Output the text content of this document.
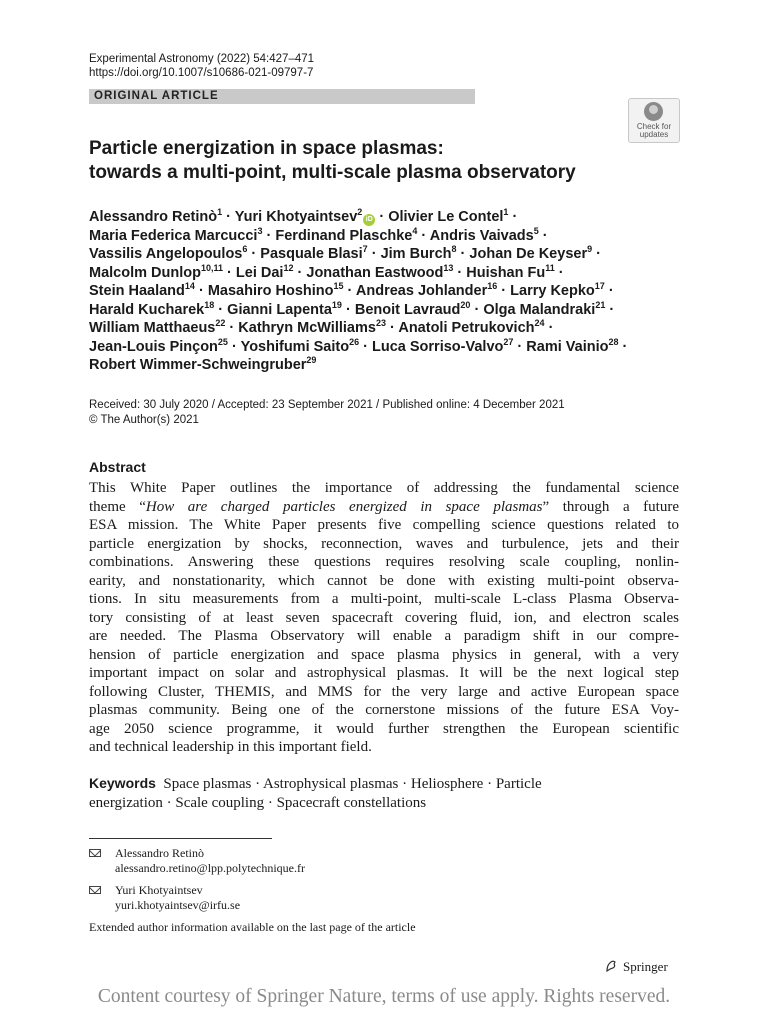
Experimental Astronomy (2022) 54:427–471
https://doi.org/10.1007/s10686-021-09797-7
ORIGINAL ARTICLE
Check for
updates
Particle energization in space plasmas:
towards a multi-point, multi-scale plasma observatory
Alessandro Retinò$^1$ · Yuri Khotyaintsev$^2$iD · Olivier Le Contel$^1$ ·
Maria Federica Marcucci$^3$ · Ferdinand Plaschke$^4$ · Andris Vaivads$^5$ ·
Vassilis Angelopoulos$^6$ · Pasquale Blasi$^7$ · Jim Burch$^8$ · Johan De Keyser$^9$ ·
Malcolm Dunlop$^{10,11}$ · Lei Dai$^{12}$ · Jonathan Eastwood$^{13}$ · Huishan $Fu^{11}$ ·
Stein Haaland$^{14}$ · Masahiro Hoshino$^{15}$ · Andreas Johlander$^{16}$ · Larry Kepko$^{17}$ ·
Harald Kucharek$^{18}$ · Gianni Lapenta$^{19}$ · Benoit Lavraud$^{20}$ · Olga Malandraki$^{21}$ ·
William Matthaeus$^{22}$ · Kathryn McWilliams$^{23}$ · Anatoli Petrukovich$^{24}$ ·
Jean-Louis Pinçon$^{25}$ · Yoshifumi Saito$^{26}$ · Luca Sorriso-Valvo$^{27}$ · Rami Vainio$^{28}$ ·
Robert Wimmer-Schweingruber$^{29}$
Received: 30 July 2020 / Accepted: 23 September 2021 / Published online: 4 December 2021
© The Author(s) 2021
Abstract
This White Paper outlines the importance of addressing the fundamental science
theme “How are charged particles energized in space plasmas” through a future
ESA mission. The White Paper presents five compelling science questions related to
particle energization by shocks, reconnection, waves and turbulence, jets and their
combinations. Answering these questions requires resolving scale coupling, nonlin-
earity, and nonstationarity, which cannot be done with existing multi-point observa-
tions. In situ measurements from a multi-point, multi-scale L-class Plasma Observa-
tory consisting of at least seven spacecraft covering fluid, ion, and electron scales
are needed. The Plasma Observatory will enable a paradigm shift in our compre-
hension of particle energization and space plasma physics in general, with a very
important impact on solar and astrophysical plasmas. It will be the next logical step
following Cluster, THEMIS, and MMS for the very large and active European space
plasmas community. Being one of the cornerstone missions of the future ESA Voy-
age 2050 science programme, it would further strengthen the European scientific
and technical leadership in this important field.
Keywords Space plasmas · Astrophysical plasmas · Heliosphere · Particle
energization · Scale coupling · Spacecraft constellations
Alessandro Retinò
alessandro.retino@lpp.polytechnique.fr
Yuri Khotyaintsev
yuri.khotyaintsev@irfu.se
Extended author information available on the last page of the article
Springer
Content courtesy of Springer Nature, terms of use apply. Rights reserved.
